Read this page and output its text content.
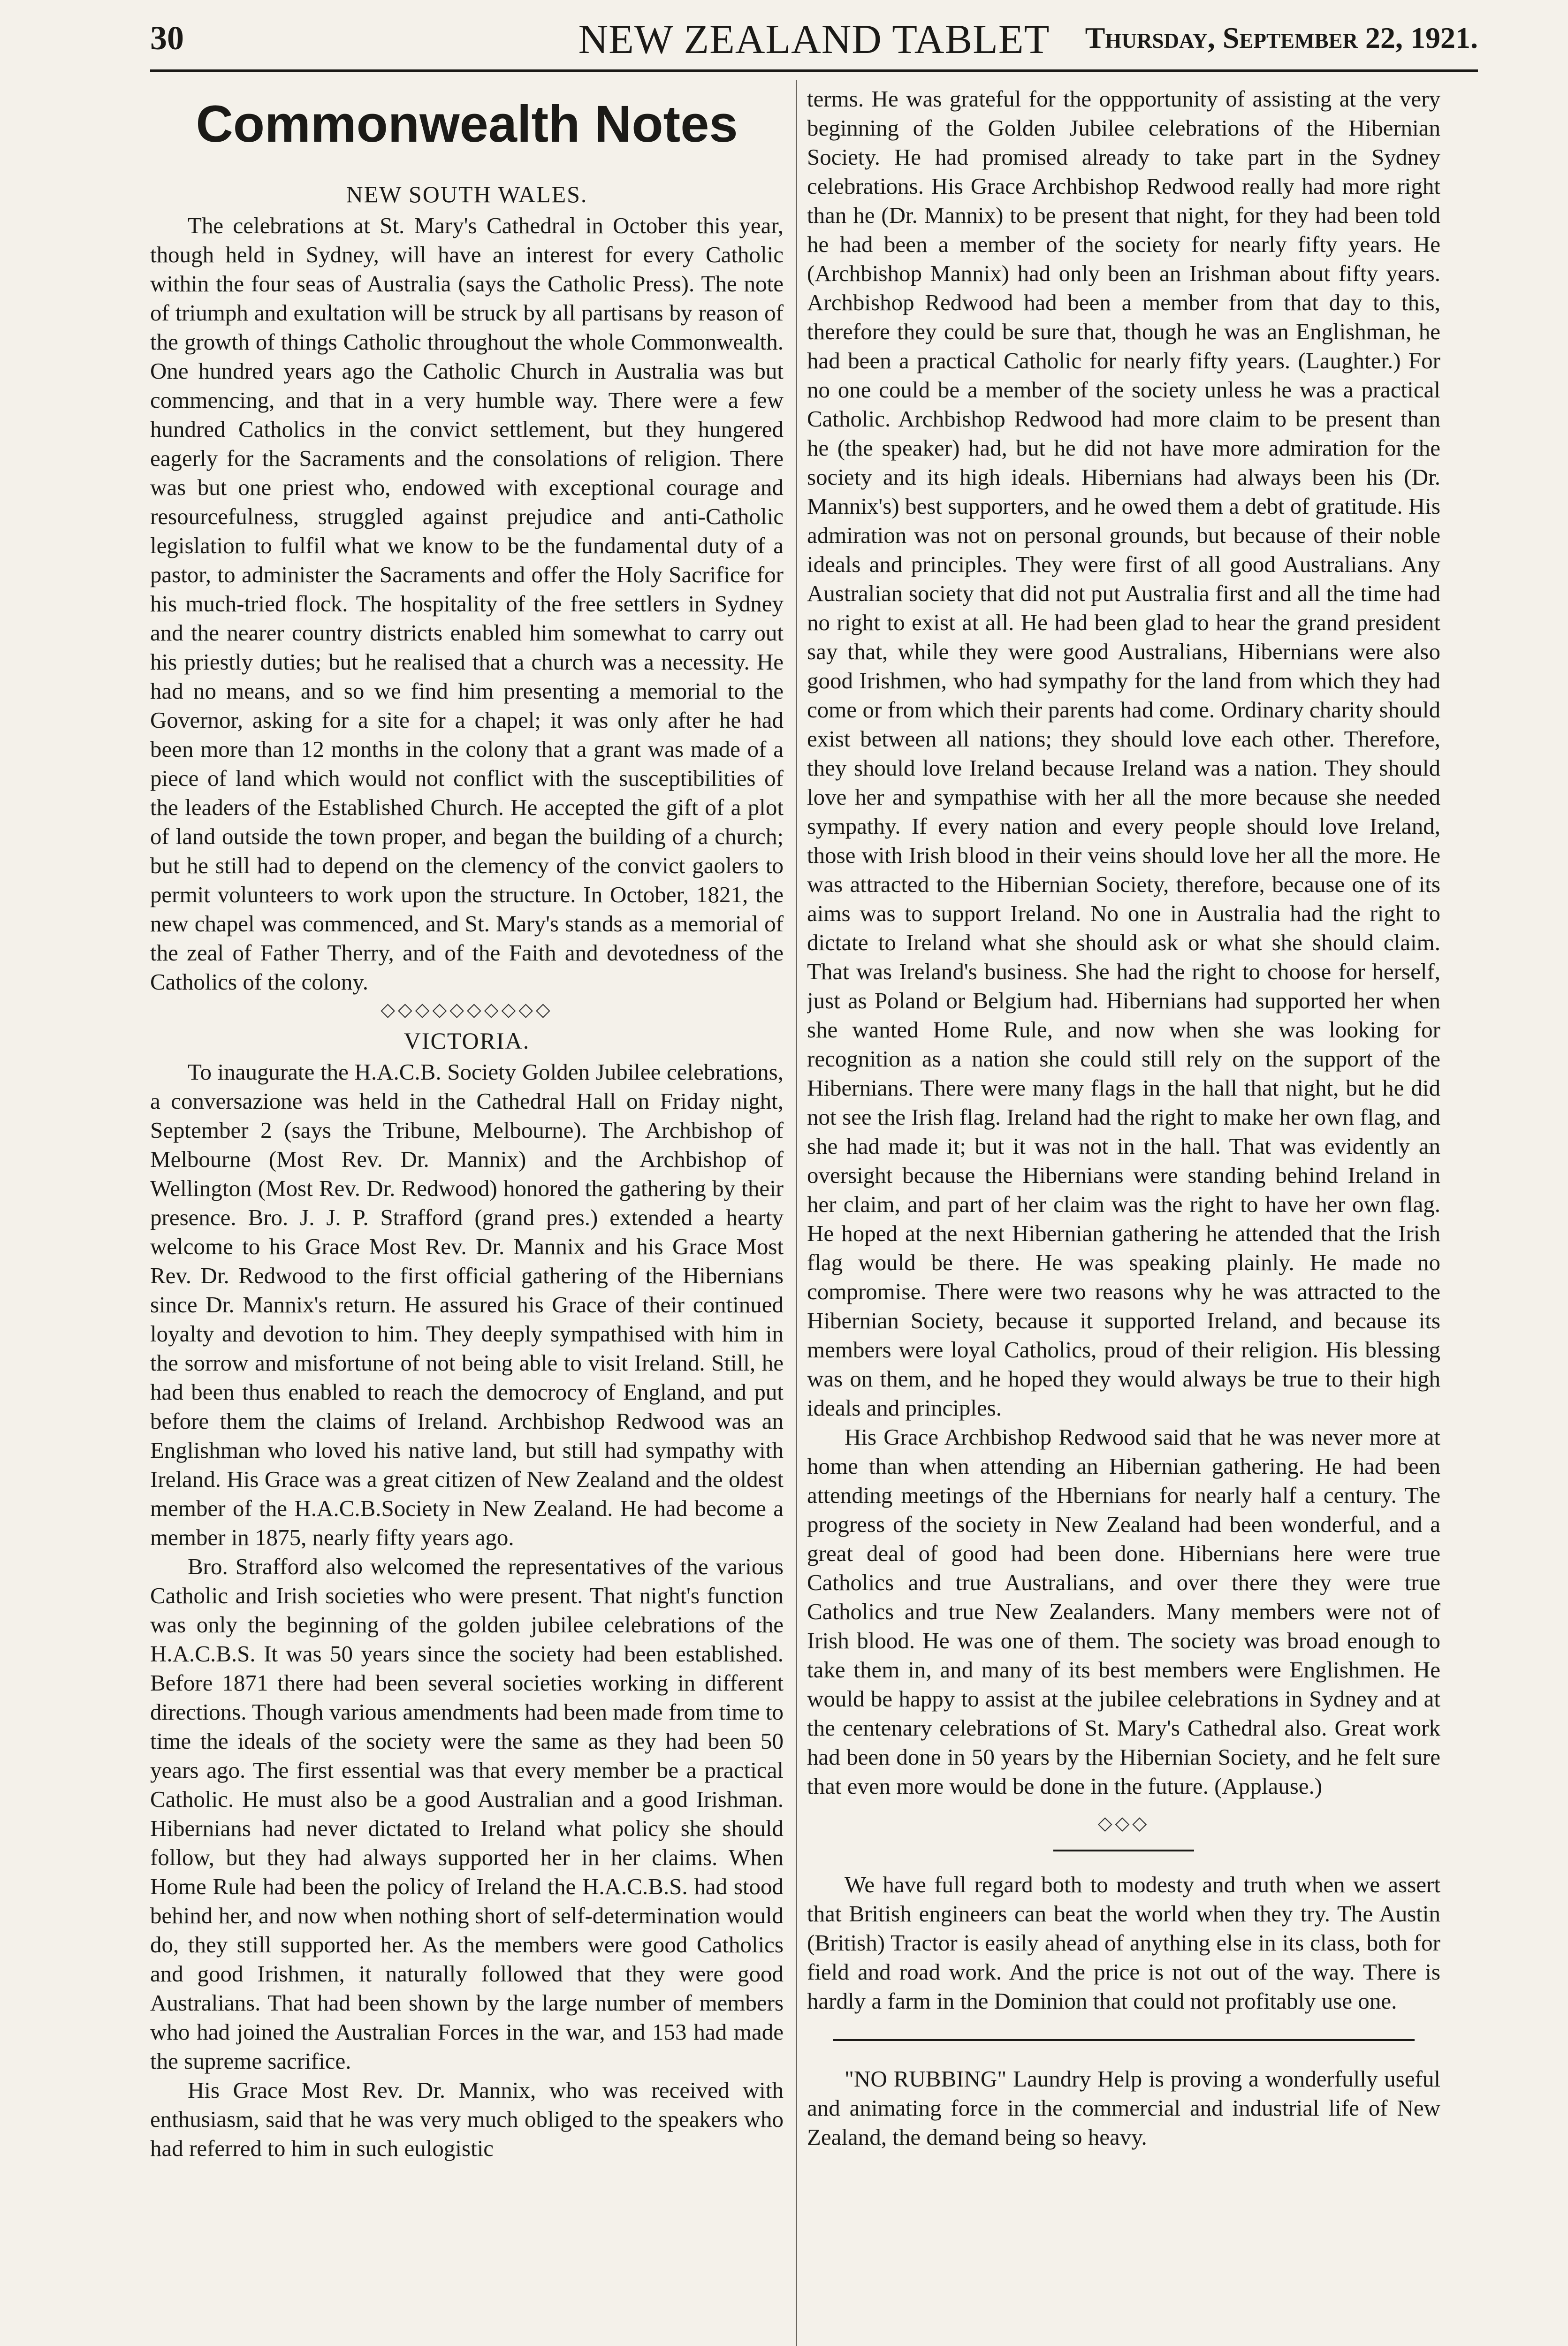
30	NEW ZEALAND TABLET	Thursday, September 22, 1921.
Commonwealth Notes
NEW SOUTH WALES.

The celebrations at St. Mary's Cathedral in October this year, though held in Sydney, will have an interest for every Catholic within the four seas of Australia (says the Catholic Press). The note of triumph and exultation will be struck by all partisans by reason of the growth of things Catholic throughout the whole Commonwealth. One hundred years ago the Catholic Church in Australia was but commencing, and that in a very humble way. There were a few hundred Catholics in the convict settlement, but they hungered eagerly for the Sacraments and the consolations of religion. There was but one priest who, endowed with exceptional courage and resourcefulness, struggled against prejudice and anti-Catholic legislation to fulfil what we know to be the fundamental duty of a pastor, to administer the Sacraments and offer the Holy Sacrifice for his much-tried flock. The hospitality of the free settlers in Sydney and the nearer country districts enabled him somewhat to carry out his priestly duties; but he realised that a church was a necessity. He had no means, and so we find him presenting a memorial to the Governor, asking for a site for a chapel; it was only after he had been more than 12 months in the colony that a grant was made of a piece of land which would not conflict with the susceptibilities of the leaders of the Established Church. He accepted the gift of a plot of land outside the town proper, and began the building of a church; but he still had to depend on the clemency of the convict gaolers to permit volunteers to work upon the structure. In October, 1821, the new chapel was commenced, and St. Mary's stands as a memorial of the zeal of Father Therry, and of the Faith and devotedness of the Catholics of the colony.

◇◇◇◇◇◇◇◇◇◇
VICTORIA.

To inaugurate the H.A.C.B. Society Golden Jubilee celebrations, a conversazione was held in the Cathedral Hall on Friday night, September 2 (says the Tribune, Melbourne). The Archbishop of Melbourne (Most Rev. Dr. Mannix) and the Archbishop of Wellington (Most Rev. Dr. Redwood) honored the gathering by their presence. Bro. J. J. P. Strafford (grand pres.) extended a hearty welcome to his Grace Most Rev. Dr. Mannix and his Grace Most Rev. Dr. Redwood to the first official gathering of the Hibernians since Dr. Mannix's return. He assured his Grace of their continued loyalty and devotion to him. They deeply sympathised with him in the sorrow and misfortune of not being able to visit Ireland. Still, he had been thus enabled to reach the democrocy of England, and put before them the claims of Ireland. Archbishop Redwood was an Englishman who loved his native land, but still had sympathy with Ireland. His Grace was a great citizen of New Zealand and the oldest member of the H.A.C.B.Society in New Zealand. He had become a member in 1875, nearly fifty years ago.

Bro. Strafford also welcomed the representatives of the various Catholic and Irish societies who were present. That night's function was only the beginning of the golden jubilee celebrations of the H.A.C.B.S. It was 50 years since the society had been established. Before 1871 there had been several societies working in different directions. Though various amendments had been made from time to time the ideals of the society were the same as they had been 50 years ago. The first essential was that every member be a practical Catholic. He must also be a good Australian and a good Irishman. Hibernians had never dictated to Ireland what policy she should follow, but they had always supported her in her claims. When Home Rule had been the policy of Ireland the H.A.C.B.S. had stood behind her, and now when nothing short of self-determination would do, they still supported her. As the members were good Catholics and good Irishmen, it naturally followed that they were good Australians. That had been shown by the large number of members who had joined the Australian Forces in the war, and 153 had made the supreme sacrifice.

His Grace Most Rev. Dr. Mannix, who was received with enthusiasm, said that he was very much obliged to the speakers who had referred to him in such eulogistic

terms. He was grateful for the oppportunity of assisting at the very beginning of the Golden Jubilee celebrations of the Hibernian Society. He had promised already to take part in the Sydney celebrations. His Grace Archbishop Redwood really had more right than he (Dr. Mannix) to be present that night, for they had been told he had been a member of the society for nearly fifty years. He (Archbishop Mannix) had only been an Irishman about fifty years. Archbishop Redwood had been a member from that day to this, therefore they could be sure that, though he was an Englishman, he had been a practical Catholic for nearly fifty years. (Laughter.) For no one could be a member of the society unless he was a practical Catholic. Archbishop Redwood had more claim to be present than he (the speaker) had, but he did not have more admiration for the society and its high ideals. Hibernians had always been his (Dr. Mannix's) best supporters, and he owed them a debt of gratitude. His admiration was not on personal grounds, but because of their noble ideals and principles. They were first of all good Australians. Any Australian society that did not put Australia first and all the time had no right to exist at all. He had been glad to hear the grand president say that, while they were good Australians, Hibernians were also good Irishmen, who had sympathy for the land from which they had come or from which their parents had come. Ordinary charity should exist between all nations; they should love each other. Therefore, they should love Ireland because Ireland was a nation. They should love her and sympathise with her all the more because she needed sympathy. If every nation and every people should love Ireland, those with Irish blood in their veins should love her all the more. He was attracted to the Hibernian Society, therefore, because one of its aims was to support Ireland. No one in Australia had the right to dictate to Ireland what she should ask or what she should claim. That was Ireland's business. She had the right to choose for herself, just as Poland or Belgium had. Hibernians had supported her when she wanted Home Rule, and now when she was looking for recognition as a nation she could still rely on the support of the Hibernians. There were many flags in the hall that night, but he did not see the Irish flag. Ireland had the right to make her own flag, and she had made it; but it was not in the hall. That was evidently an oversight because the Hibernians were standing behind Ireland in her claim, and part of her claim was the right to have her own flag. He hoped at the next Hibernian gathering he attended that the Irish flag would be there. He was speaking plainly. He made no compromise. There were two reasons why he was attracted to the Hibernian Society, because it supported Ireland, and because its members were loyal Catholics, proud of their religion. His blessing was on them, and he hoped they would always be true to their high ideals and principles.

His Grace Archbishop Redwood said that he was never more at home than when attending an Hibernian gathering. He had been attending meetings of the Hbernians for nearly half a century. The progress of the society in New Zealand had been wonderful, and a great deal of good had been done. Hibernians here were true Catholics and true Australians, and over there they were true Catholics and true New Zealanders. Many members were not of Irish blood. He was one of them. The society was broad enough to take them in, and many of its best members were Englishmen. He would be happy to assist at the jubilee celebrations in Sydney and at the centenary celebrations of St. Mary's Cathedral also. Great work had been done in 50 years by the Hibernian Society, and he felt sure that even more would be done in the future. (Applause.)

◇◇◇

We have full regard both to modesty and truth when we assert that British engineers can beat the world when they try. The Austin (British) Tractor is easily ahead of anything else in its class, both for field and road work. And the price is not out of the way. There is hardly a farm in the Dominion that could not profitably use one.

"NO RUBBING" Laundry Help is proving a wonderfully useful and animating force in the commercial and industrial life of New Zealand, the demand being so heavy.
